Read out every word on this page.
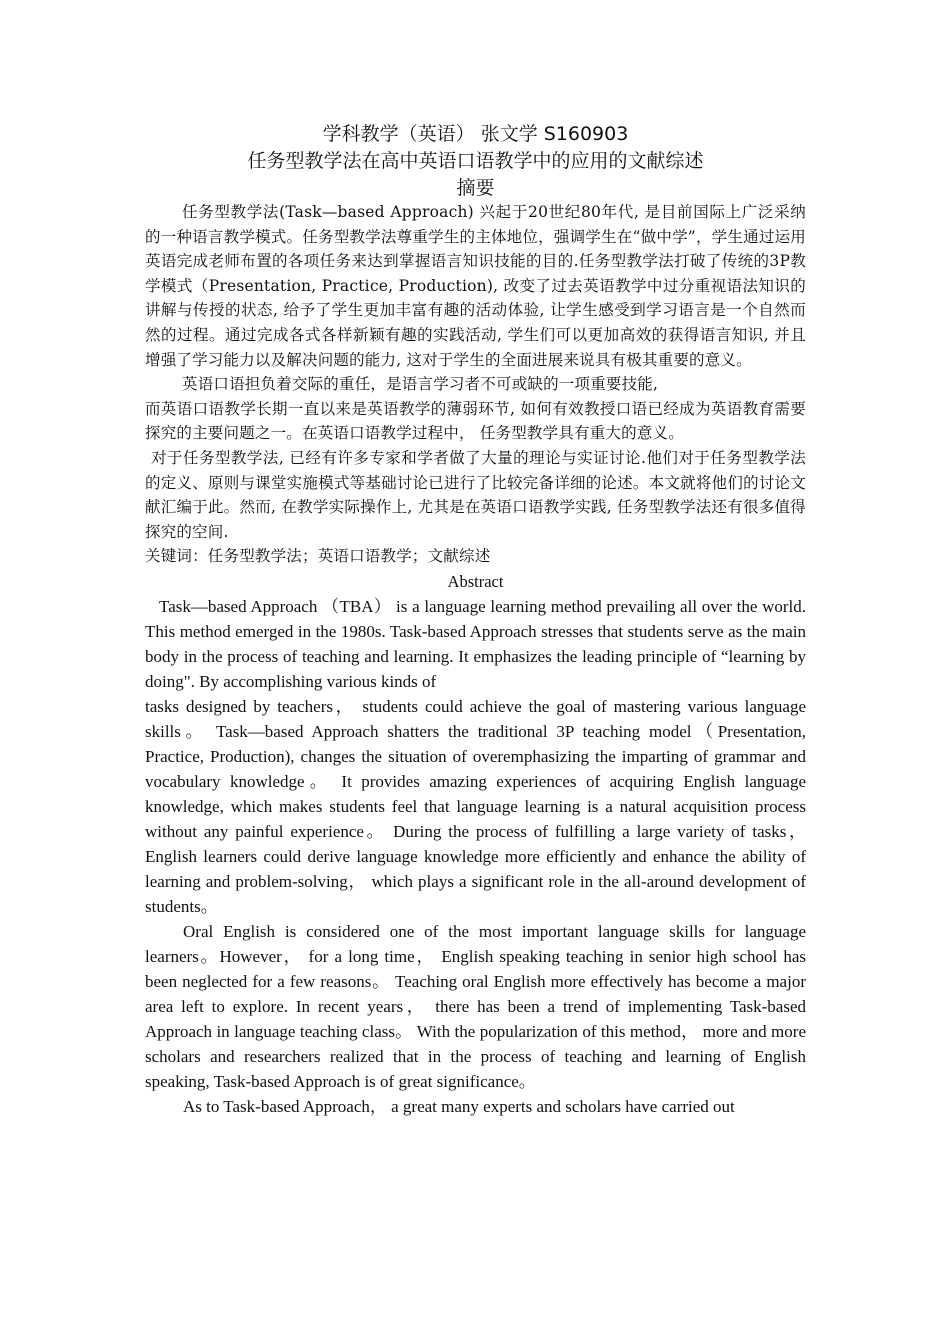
学科教学（英语） 张文学 S160903

任务型教学法在高中英语口语教学中的应用的文献综述

摘要

任务型教学法(Task—based Approach) 兴起于20世纪80年代, 是目前国际上广泛采纳的一种语言教学模式。任务型教学法尊重学生的主体地位，强调学生在“做中学”，学生通过运用英语完成老师布置的各项任务来达到掌握语言知识技能的目的.任务型教学法打破了传统的3P教学模式（Presentation, Practice, Production), 改变了过去英语教学中过分重视语法知识的讲解与传授的状态, 给予了学生更加丰富有趣的活动体验, 让学生感受到学习语言是一个自然而然的过程。通过完成各式各样新颖有趣的实践活动, 学生们可以更加高效的获得语言知识, 并且增强了学习能力以及解决问题的能力, 这对于学生的全面进展来说具有极其重要的意义。

英语口语担负着交际的重任，是语言学习者不可或缺的一项重要技能,

而英语口语教学长期一直以来是英语教学的薄弱环节, 如何有效教授口语已经成为英语教育需要探究的主要问题之一。在英语口语教学过程中， 任务型教学具有重大的意义。

对于任务型教学法, 已经有许多专家和学者做了大量的理论与实证讨论.他们对于任务型教学法的定义、原则与课堂实施模式等基础讨论已进行了比较完备详细的论述。本文就将他们的讨论文献汇编于此。然而, 在教学实际操作上, 尤其是在英语口语教学实践, 任务型教学法还有很多值得探究的空间.

关键词：任务型教学法；英语口语教学；文献综述

Abstract

Task—based Approach （TBA） is a language learning method prevailing all over the world. This method emerged in the 1980s. Task-based Approach stresses that students serve as the main body in the process of teaching and learning. It emphasizes the leading principle of “learning by doing". By accomplishing various kinds of

tasks designed by teachers， students could achieve the goal of mastering various language skills。 Task—based Approach shatters the traditional 3P teaching model（Presentation, Practice, Production), changes the situation of overemphasizing the imparting of grammar and vocabulary knowledge。 It provides amazing experiences of acquiring English language knowledge, which makes students feel that language learning is a natural acquisition process without any painful experience。 During the process of fulfilling a large variety of tasks， English learners could derive language knowledge more efficiently and enhance the ability of learning and problem-solving， which plays a significant role in the all-around development of students。

Oral English is considered one of the most important language skills for language learners。However， for a long time， English speaking teaching in senior high school has been neglected for a few reasons。 Teaching oral English more effectively has become a major area left to explore. In recent years， there has been a trend of implementing Task-based Approach in language teaching class。 With the popularization of this method， more and more scholars and researchers realized that in the process of teaching and learning of English speaking, Task-based Approach is of great significance。

As to Task-based Approach， a great many experts and scholars have carried out
